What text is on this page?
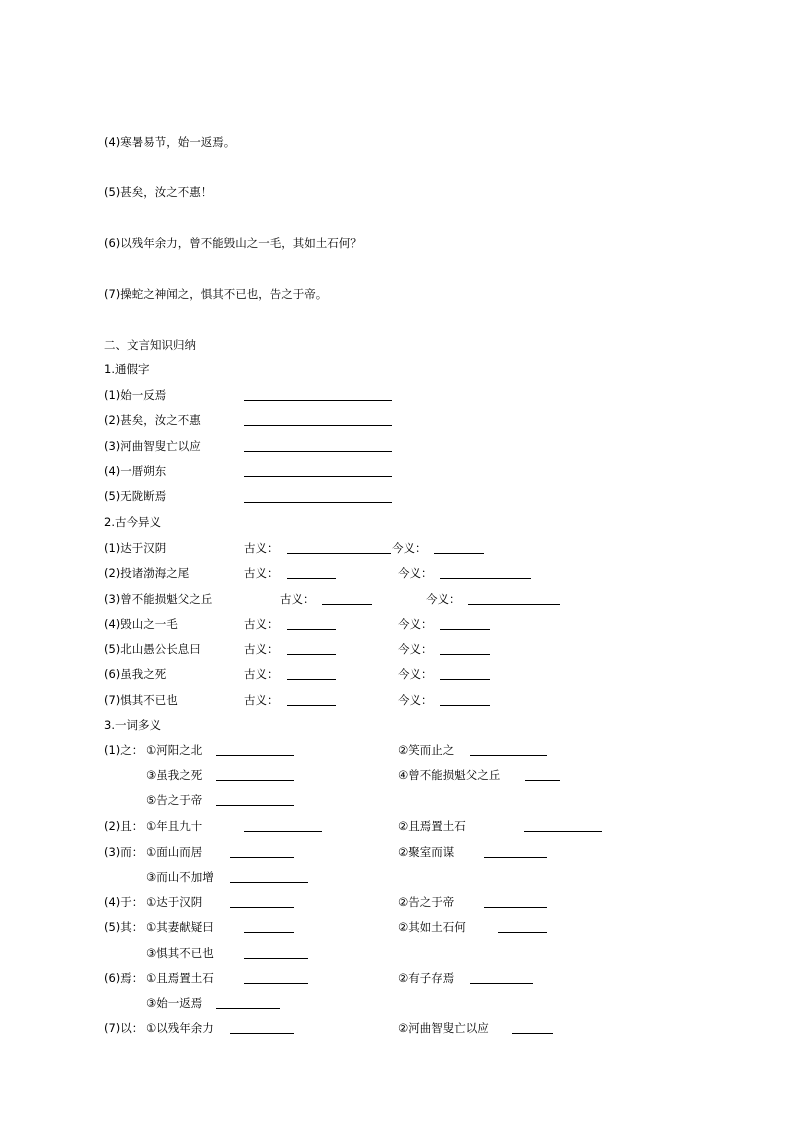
(4)寒暑易节，始一返焉。
(5)甚矣，汝之不惠！
(6)以残年余力，曾不能毁山之一毛，其如土石何？
(7)操蛇之神闻之，惧其不已也，告之于帝。
二、文言知识归纳
1.通假字
(1)始一反焉
(2)甚矣，汝之不惠
(3)河曲智叟亡以应
(4)一厝朔东
(5)无陇断焉
2.古今异义
(1)达于汉阴	古义：	今义：
(2)投诸渤海之尾	古义：	今义：
(3)曾不能损魁父之丘	古义：	今义：
(4)毁山之一毛	古义：	今义：
(5)北山愚公长息曰	古义：	今义：
(6)虽我之死	古义：	今义：
(7)惧其不已也	古义：	今义：
3.一词多义
(1)之： ①河阳之北	②笑而止之
③虽我之死	④曾不能损魁父之丘
⑤告之于帝
(2)且： ①年且九十	②且焉置土石
(3)而： ①面山而居	②聚室而谋
③而山不加增
(4)于： ①达于汉阴	②告之于帝
(5)其： ①其妻献疑曰	②其如土石何
③惧其不已也
(6)焉： ①且焉置土石	②有子存焉
③始一返焉
(7)以： ①以残年余力	②河曲智叟亡以应
